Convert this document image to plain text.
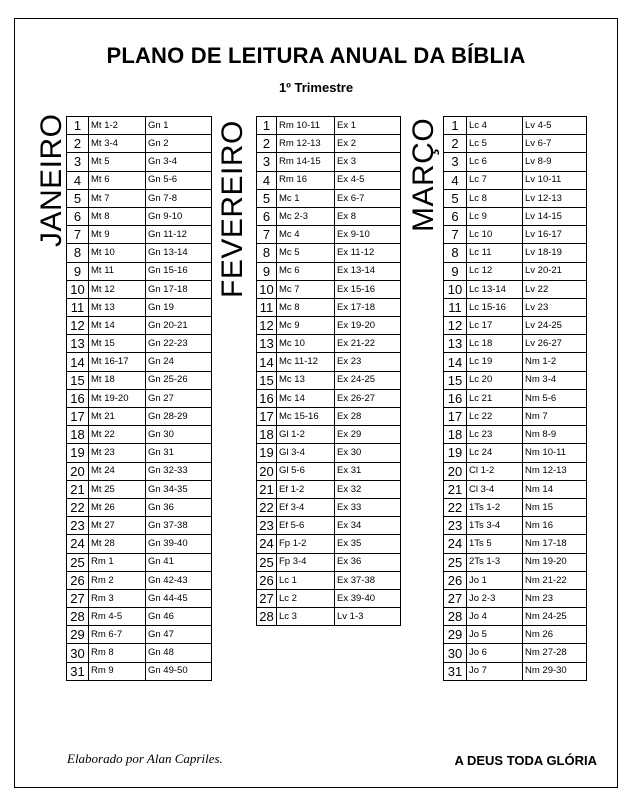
PLANO DE LEITURA ANUAL DA BÍBLIA
1º Trimestre
JANEIRO 1	Mt 1-2	Gn 1
2	Mt 3-4	Gn 2
3	Mt 5	Gn 3-4
4	Mt 6	Gn 5-6
5	Mt 7	Gn 7-8
6	Mt 8	Gn 9-10
7	Mt 9	Gn 11-12
8	Mt 10	Gn 13-14
9	Mt 11	Gn 15-16
10	Mt 12	Gn 17-18
11	Mt 13	Gn 19
12	Mt 14	Gn 20-21
13	Mt 15	Gn 22-23
14	Mt 16-17	Gn 24
15	Mt 18	Gn 25-26
16	Mt 19-20	Gn 27
17	Mt 21	Gn 28-29
18	Mt 22	Gn 30
19	Mt 23	Gn 31
20	Mt 24	Gn 32-33
21	Mt 25	Gn 34-35
22	Mt 26	Gn 36
23	Mt 27	Gn 37-38
24	Mt 28	Gn 39-40
25	Rm 1	Gn 41
26	Rm 2	Gn 42-43
27	Rm 3	Gn 44-45
28	Rm 4-5	Gn 46
29	Rm 6-7	Gn 47
30	Rm 8	Gn 48
31	Rm 9	Gn 49-50
FEVEREIRO 1	Rm 10-11	Ex 1
2	Rm 12-13	Ex 2
3	Rm 14-15	Ex 3
4	Rm 16	Ex 4-5
5	Mc 1	Ex 6-7
6	Mc 2-3	Ex 8
7	Mc 4	Ex 9-10
8	Mc 5	Ex 11-12
9	Mc 6	Ex 13-14
10	Mc 7	Ex 15-16
11	Mc 8	Ex 17-18
12	Mc 9	Ex 19-20
13	Mc 10	Ex 21-22
14	Mc 11-12	Ex 23
15	Mc 13	Ex 24-25
16	Mc 14	Ex 26-27
17	Mc 15-16	Ex 28
18	Gl 1-2	Ex 29
19	Gl 3-4	Ex 30
20	Gl 5-6	Ex 31
21	Ef 1-2	Ex 32
22	Ef 3-4	Ex 33
23	Ef 5-6	Ex 34
24	Fp 1-2	Ex 35
25	Fp 3-4	Ex 36
26	Lc 1	Ex 37-38
27	Lc 2	Ex 39-40
28	Lc 3	Lv 1-3
MARÇO 1	Lc 4	Lv 4-5
2	Lc 5	Lv 6-7
3	Lc 6	Lv 8-9
4	Lc 7	Lv 10-11
5	Lc 8	Lv 12-13
6	Lc 9	Lv 14-15
7	Lc 10	Lv 16-17
8	Lc 11	Lv 18-19
9	Lc 12	Lv 20-21
10	Lc 13-14	Lv 22
11	Lc 15-16	Lv 23
12	Lc 17	Lv 24-25
13	Lc 18	Lv 26-27
14	Lc 19	Nm 1-2
15	Lc 20	Nm 3-4
16	Lc 21	Nm 5-6
17	Lc 22	Nm 7
18	Lc 23	Nm 8-9
19	Lc 24	Nm 10-11
20	Cl 1-2	Nm 12-13
21	Cl 3-4	Nm 14
22	1Ts 1-2	Nm 15
23	1Ts 3-4	Nm 16
24	1Ts 5	Nm 17-18
25	2Ts 1-3	Nm 19-20
26	Jo 1	Nm 21-22
27	Jo 2-3	Nm 23
28	Jo 4	Nm 24-25
29	Jo 5	Nm 26
30	Jo 6	Nm 27-28
31	Jo 7	Nm 29-30
Elaborado por Alan Capriles.	A DEUS TODA GLÓRIA
